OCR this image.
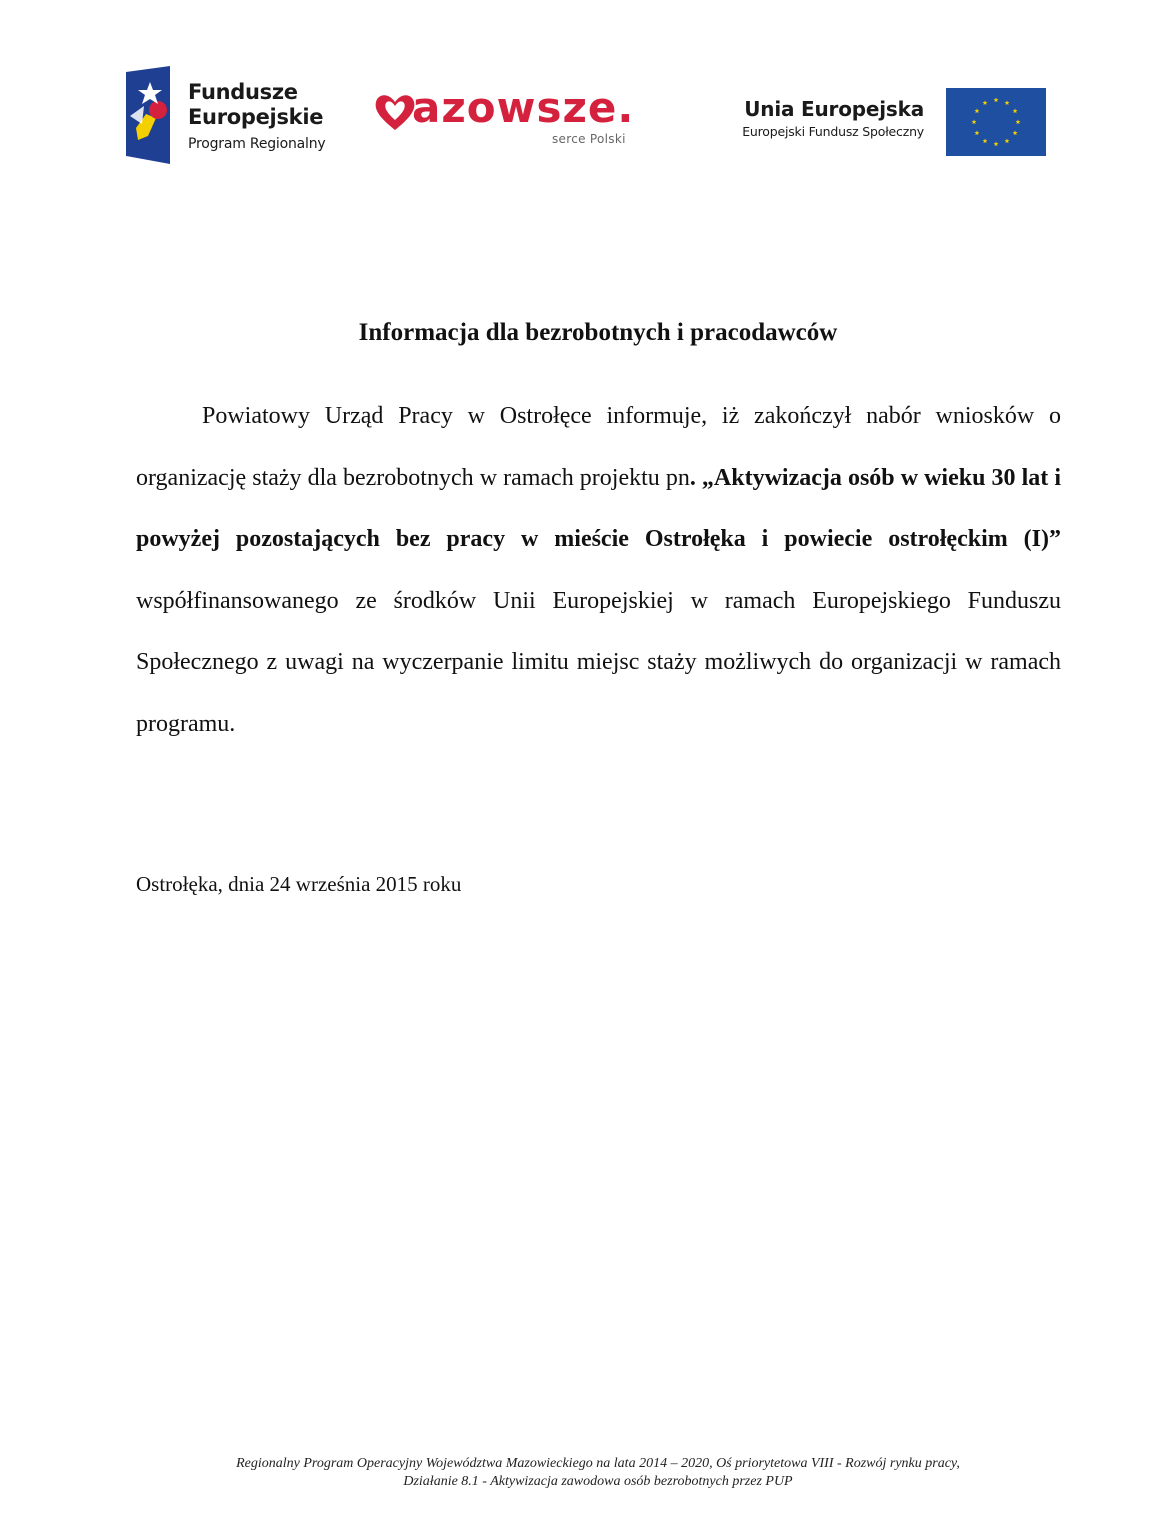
Fundusze
Europejskie
Program Regionalny
azowsze.
serce Polski
Unia Europejska
Europejski Fundusz Społeczny
Informacja dla bezrobotnych i pracodawców

Powiatowy Urząd Pracy w Ostrołęce informuje, iż zakończył nabór wniosków o organizację staży dla bezrobotnych w ramach projektu pn. „Aktywizacja osób w wieku 30 lat i powyżej pozostających bez pracy w mieście Ostrołęka i powiecie ostrołęckim (I)” współfinansowanego ze środków Unii Europejskiej w ramach Europejskiego Funduszu Społecznego z uwagi na wyczerpanie limitu miejsc staży możliwych do organizacji w ramach programu.

Ostrołęka, dnia 24 września 2015 roku
Regionalny Program Operacyjny Województwa Mazowieckiego na lata 2014 – 2020, Oś priorytetowa VIII - Rozwój rynku pracy,
Działanie 8.1 - Aktywizacja zawodowa osób bezrobotnych przez PUP
